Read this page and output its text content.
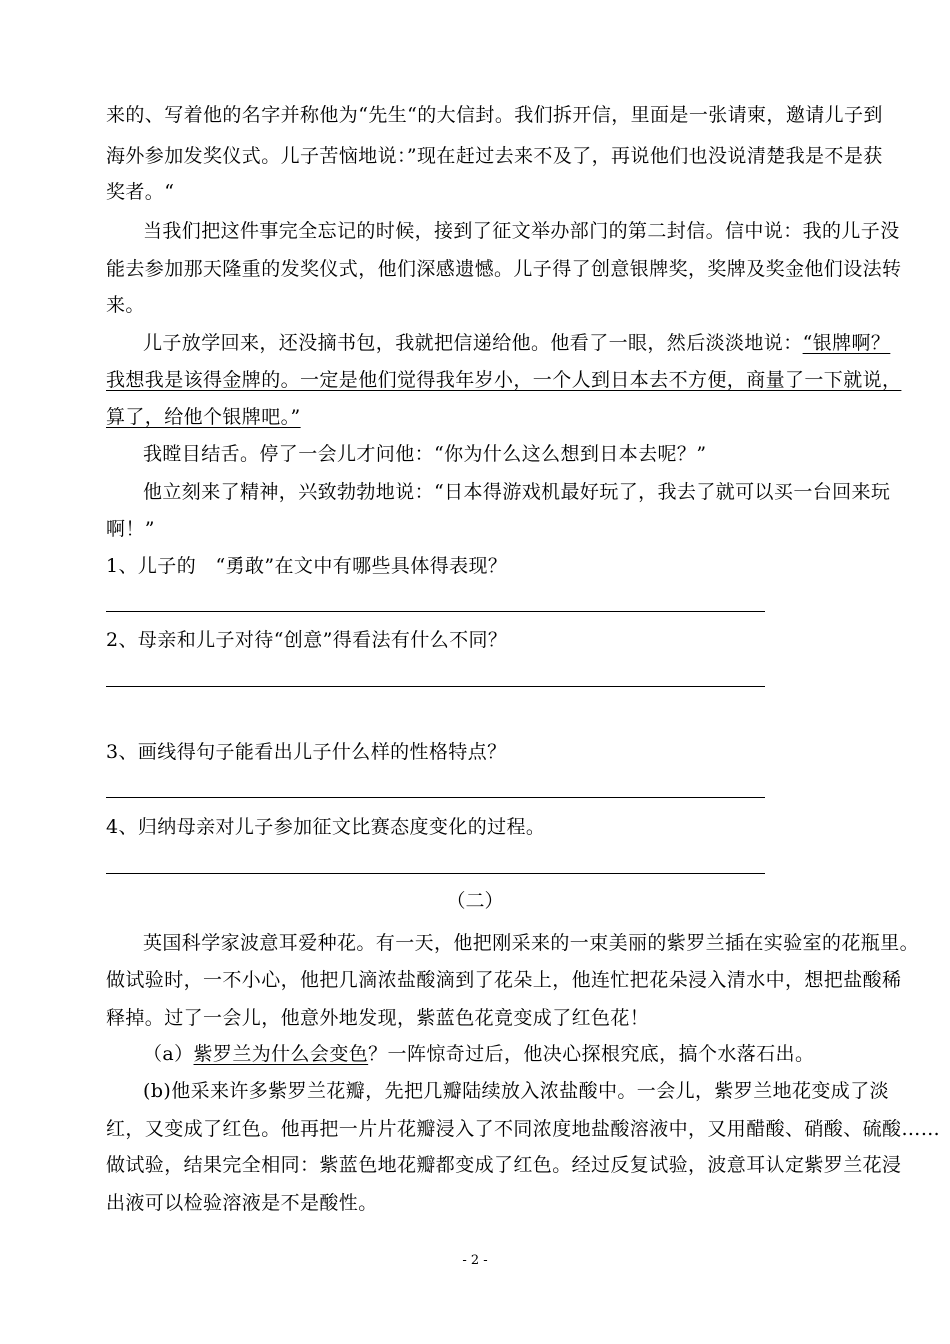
来的、写着他的名字并称他为“先生“的大信封。我们拆开信，里面是一张请柬，邀请儿子到
海外参加发奖仪式。儿子苦恼地说：”现在赶过去来不及了，再说他们也没说清楚我是不是获
奖者。“
当我们把这件事完全忘记的时候，接到了征文举办部门的第二封信。信中说：我的儿子没
能去参加那天隆重的发奖仪式，他们深感遗憾。儿子得了创意银牌奖，奖牌及奖金他们设法转
来。
儿子放学回来，还没摘书包，我就把信递给他。他看了一眼，然后淡淡地说：“银牌啊？
我想我是该得金牌的。一定是他们觉得我年岁小，一个人到日本去不方便，商量了一下就说，
算了，给他个银牌吧。”
我瞠目结舌。停了一会儿才问他：“你为什么这么想到日本去呢？”
他立刻来了精神，兴致勃勃地说：“日本得游戏机最好玩了，我去了就可以买一台回来玩
啊！”
1、儿子的　“勇敢”在文中有哪些具体得表现？
2、母亲和儿子对待“创意”得看法有什么不同？
3、画线得句子能看出儿子什么样的性格特点？
4、归纳母亲对儿子参加征文比赛态度变化的过程。
（二）
英国科学家波意耳爱种花。有一天，他把刚采来的一束美丽的紫罗兰插在实验室的花瓶里。
做试验时，一不小心，他把几滴浓盐酸滴到了花朵上，他连忙把花朵浸入清水中，想把盐酸稀
释掉。过了一会儿，他意外地发现，紫蓝色花竟变成了红色花！
（a）紫罗兰为什么会变色？一阵惊奇过后，他决心探根究底，搞个水落石出。
(b)他采来许多紫罗兰花瓣，先把几瓣陆续放入浓盐酸中。一会儿，紫罗兰地花变成了淡
红，又变成了红色。他再把一片片花瓣浸入了不同浓度地盐酸溶液中，又用醋酸、硝酸、硫酸……
做试验，结果完全相同：紫蓝色地花瓣都变成了红色。经过反复试验，波意耳认定紫罗兰花浸
出液可以检验溶液是不是酸性。
- 2 -
